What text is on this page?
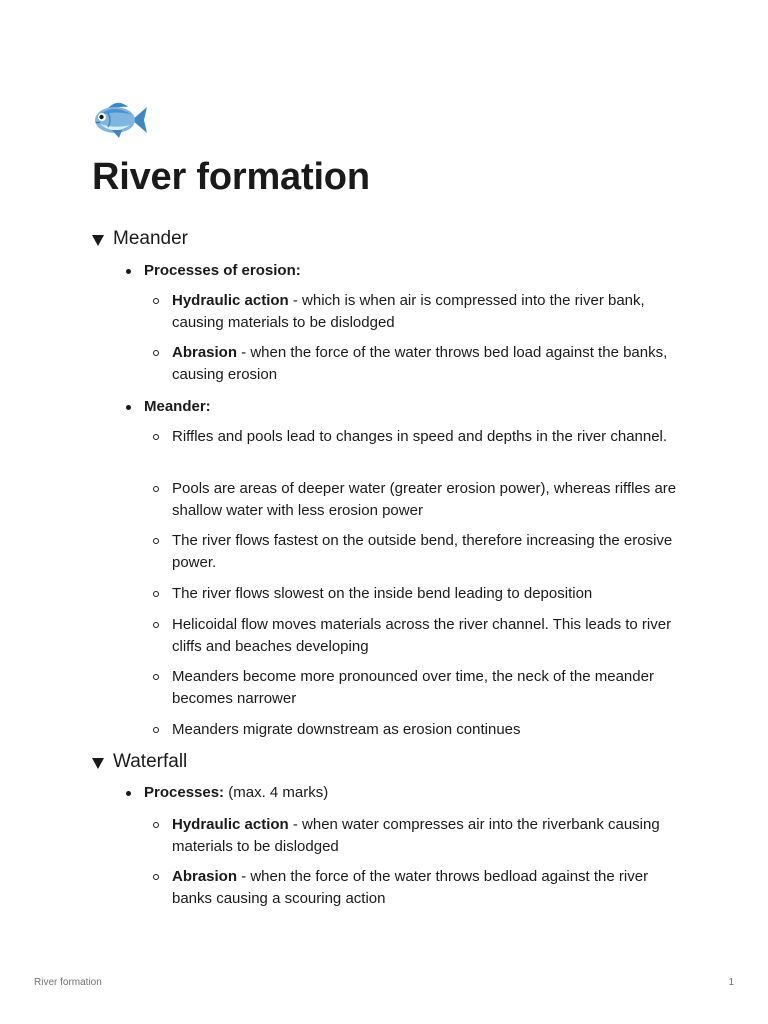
River formation
Meander
Processes of erosion:
Hydraulic action - which is when air is compressed into the river bank, causing materials to be dislodged
Abrasion - when the force of the water throws bed load against the banks, causing erosion
Meander:
Riffles and pools lead to changes in speed and depths in the river channel.
Pools are areas of deeper water (greater erosion power), whereas riffles are shallow water with less erosion power
The river flows fastest on the outside bend, therefore increasing the erosive power.
The river flows slowest on the inside bend leading to deposition
Helicoidal flow moves materials across the river channel. This leads to river cliffs and beaches developing
Meanders become more pronounced over time, the neck of the meander becomes narrower
Meanders migrate downstream as erosion continues
Waterfall
Processes: (max. 4 marks)
Hydraulic action - when water compresses air into the riverbank causing materials to be dislodged
Abrasion - when the force of the water throws bedload against the river banks causing a scouring action
River formation	1
